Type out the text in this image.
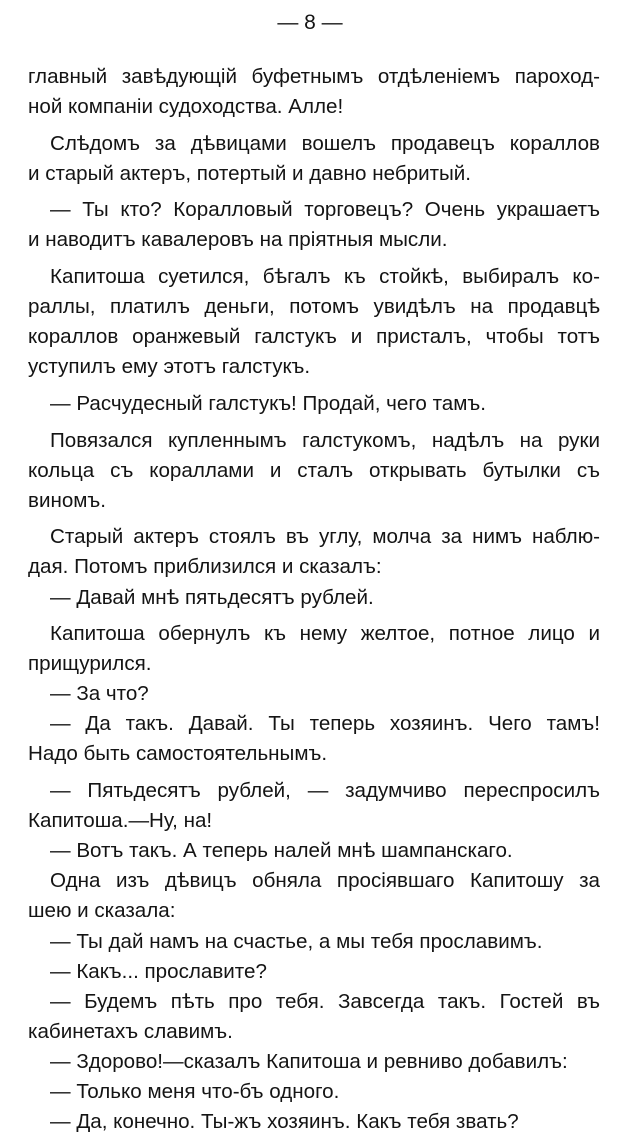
— 8 —
главный завѣдующій буфетнымъ отдѣленіемъ пароход-
ной компаніи судоходства. Алле!
Слѣдомъ за дѣвицами вошелъ продавецъ кораллов
и старый актеръ, потертый и давно небритый.
— Ты кто? Коралловый торговецъ? Очень украшаетъ
и наводитъ кавалеровъ на пріятныя мысли.
Капитоша суетился, бѣгалъ къ стойкѣ, выбиралъ ко-
раллы, платилъ деньги, потомъ увидѣлъ на продавцѣ
кораллов оранжевый галстукъ и присталъ, чтобы тотъ
уступилъ ему этотъ галстукъ.
— Расчудесный галстукъ! Продай, чего тамъ.
Повязался купленнымъ галстукомъ, надѣлъ на руки
кольца съ кораллами и сталъ открывать бутылки съ
виномъ.
Старый актеръ стоялъ въ углу, молча за нимъ наблю-
дая. Потомъ приблизился и сказалъ:
— Давай мнѣ пятьдесятъ рублей.
Капитоша обернулъ къ нему желтое, потное лицо и
прищурился.
— За что?
— Да такъ. Давай. Ты теперь хозяинъ. Чего тамъ!
Надо быть самостоятельнымъ.
— Пятьдесятъ рублей, — задумчиво переспросилъ
Капитоша.—Ну, на!
— Вотъ такъ. А теперь налей мнѣ шампанскаго.
Одна изъ дѣвицъ обняла просіявшаго Капитошу за
шею и сказала:
— Ты дай намъ на счастье, а мы тебя прославимъ.
— Какъ... прославите?
— Будемъ пѣть про тебя. Завсегда такъ. Гостей въ
кабинетахъ славимъ.
— Здорово!—сказалъ Капитоша и ревниво добавилъ:
— Только меня что-бъ одного.
— Да, конечно. Ты-жъ хозяинъ. Какъ тебя звать?
